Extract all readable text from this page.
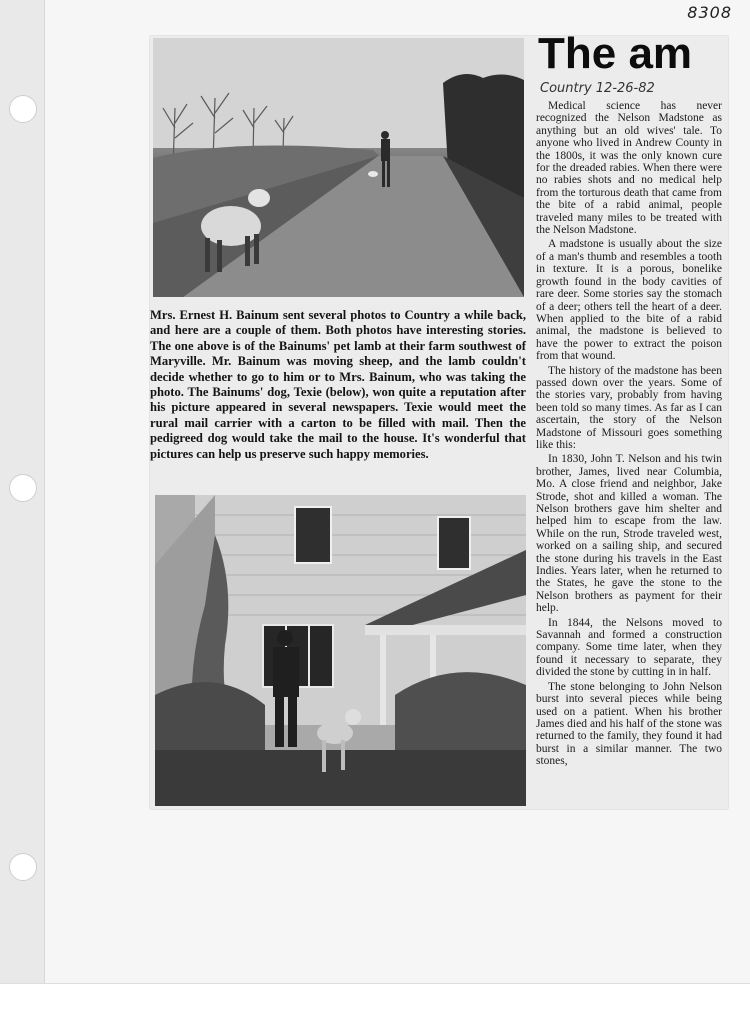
8308

Mrs. Ernest H. Bainum sent several photos to Country a while back, and here are a couple of them. Both photos have interesting stories. The one above is of the Bainums' pet lamb at their farm southwest of Maryville. Mr. Bainum was moving sheep, and the lamb couldn't decide whether to go to him or to Mrs. Bainum, who was taking the photo. The Bainums' dog, Texie (below), won quite a reputation after his picture appeared in several newspapers. Texie would meet the rural mail carrier with a carton to be filled with mail. Then the pedigreed dog would take the mail to the house. It's wonderful that pictures can help us preserve such happy memories.

The am
Country 12-26-82

Medical science has never recognized the Nelson Madstone as anything but an old wives' tale. To anyone who lived in Andrew County in the 1800s, it was the only known cure for the dreaded rabies. When there were no rabies shots and no medical help from the torturous death that came from the bite of a rabid animal, people traveled many miles to be treated with the Nelson Madstone.

A madstone is usually about the size of a man's thumb and resembles a tooth in texture. It is a porous, bonelike growth found in the body cavities of rare deer. Some stories say the stomach of a deer; others tell the heart of a deer. When applied to the bite of a rabid animal, the madstone is believed to have the power to extract the poison from that wound.

The history of the madstone has been passed down over the years. Some of the stories vary, probably from having been told so many times. As far as I can ascertain, the story of the Nelson Madstone of Missouri goes something like this:

In 1830, John T. Nelson and his twin brother, James, lived near Columbia, Mo. A close friend and neighbor, Jake Strode, shot and killed a woman. The Nelson brothers gave him shelter and helped him to escape from the law. While on the run, Strode traveled west, worked on a sailing ship, and secured the stone during his travels in the East Indies. Years later, when he returned to the States, he gave the stone to the Nelson brothers as payment for their help.

In 1844, the Nelsons moved to Savannah and formed a construction company. Some time later, when they found it necessary to separate, they divided the stone by cutting in in half.

The stone belonging to John Nelson burst into several pieces while being used on a patient. When his brother James died and his half of the stone was returned to the family, they found it had burst in a similar manner. The two stones,
